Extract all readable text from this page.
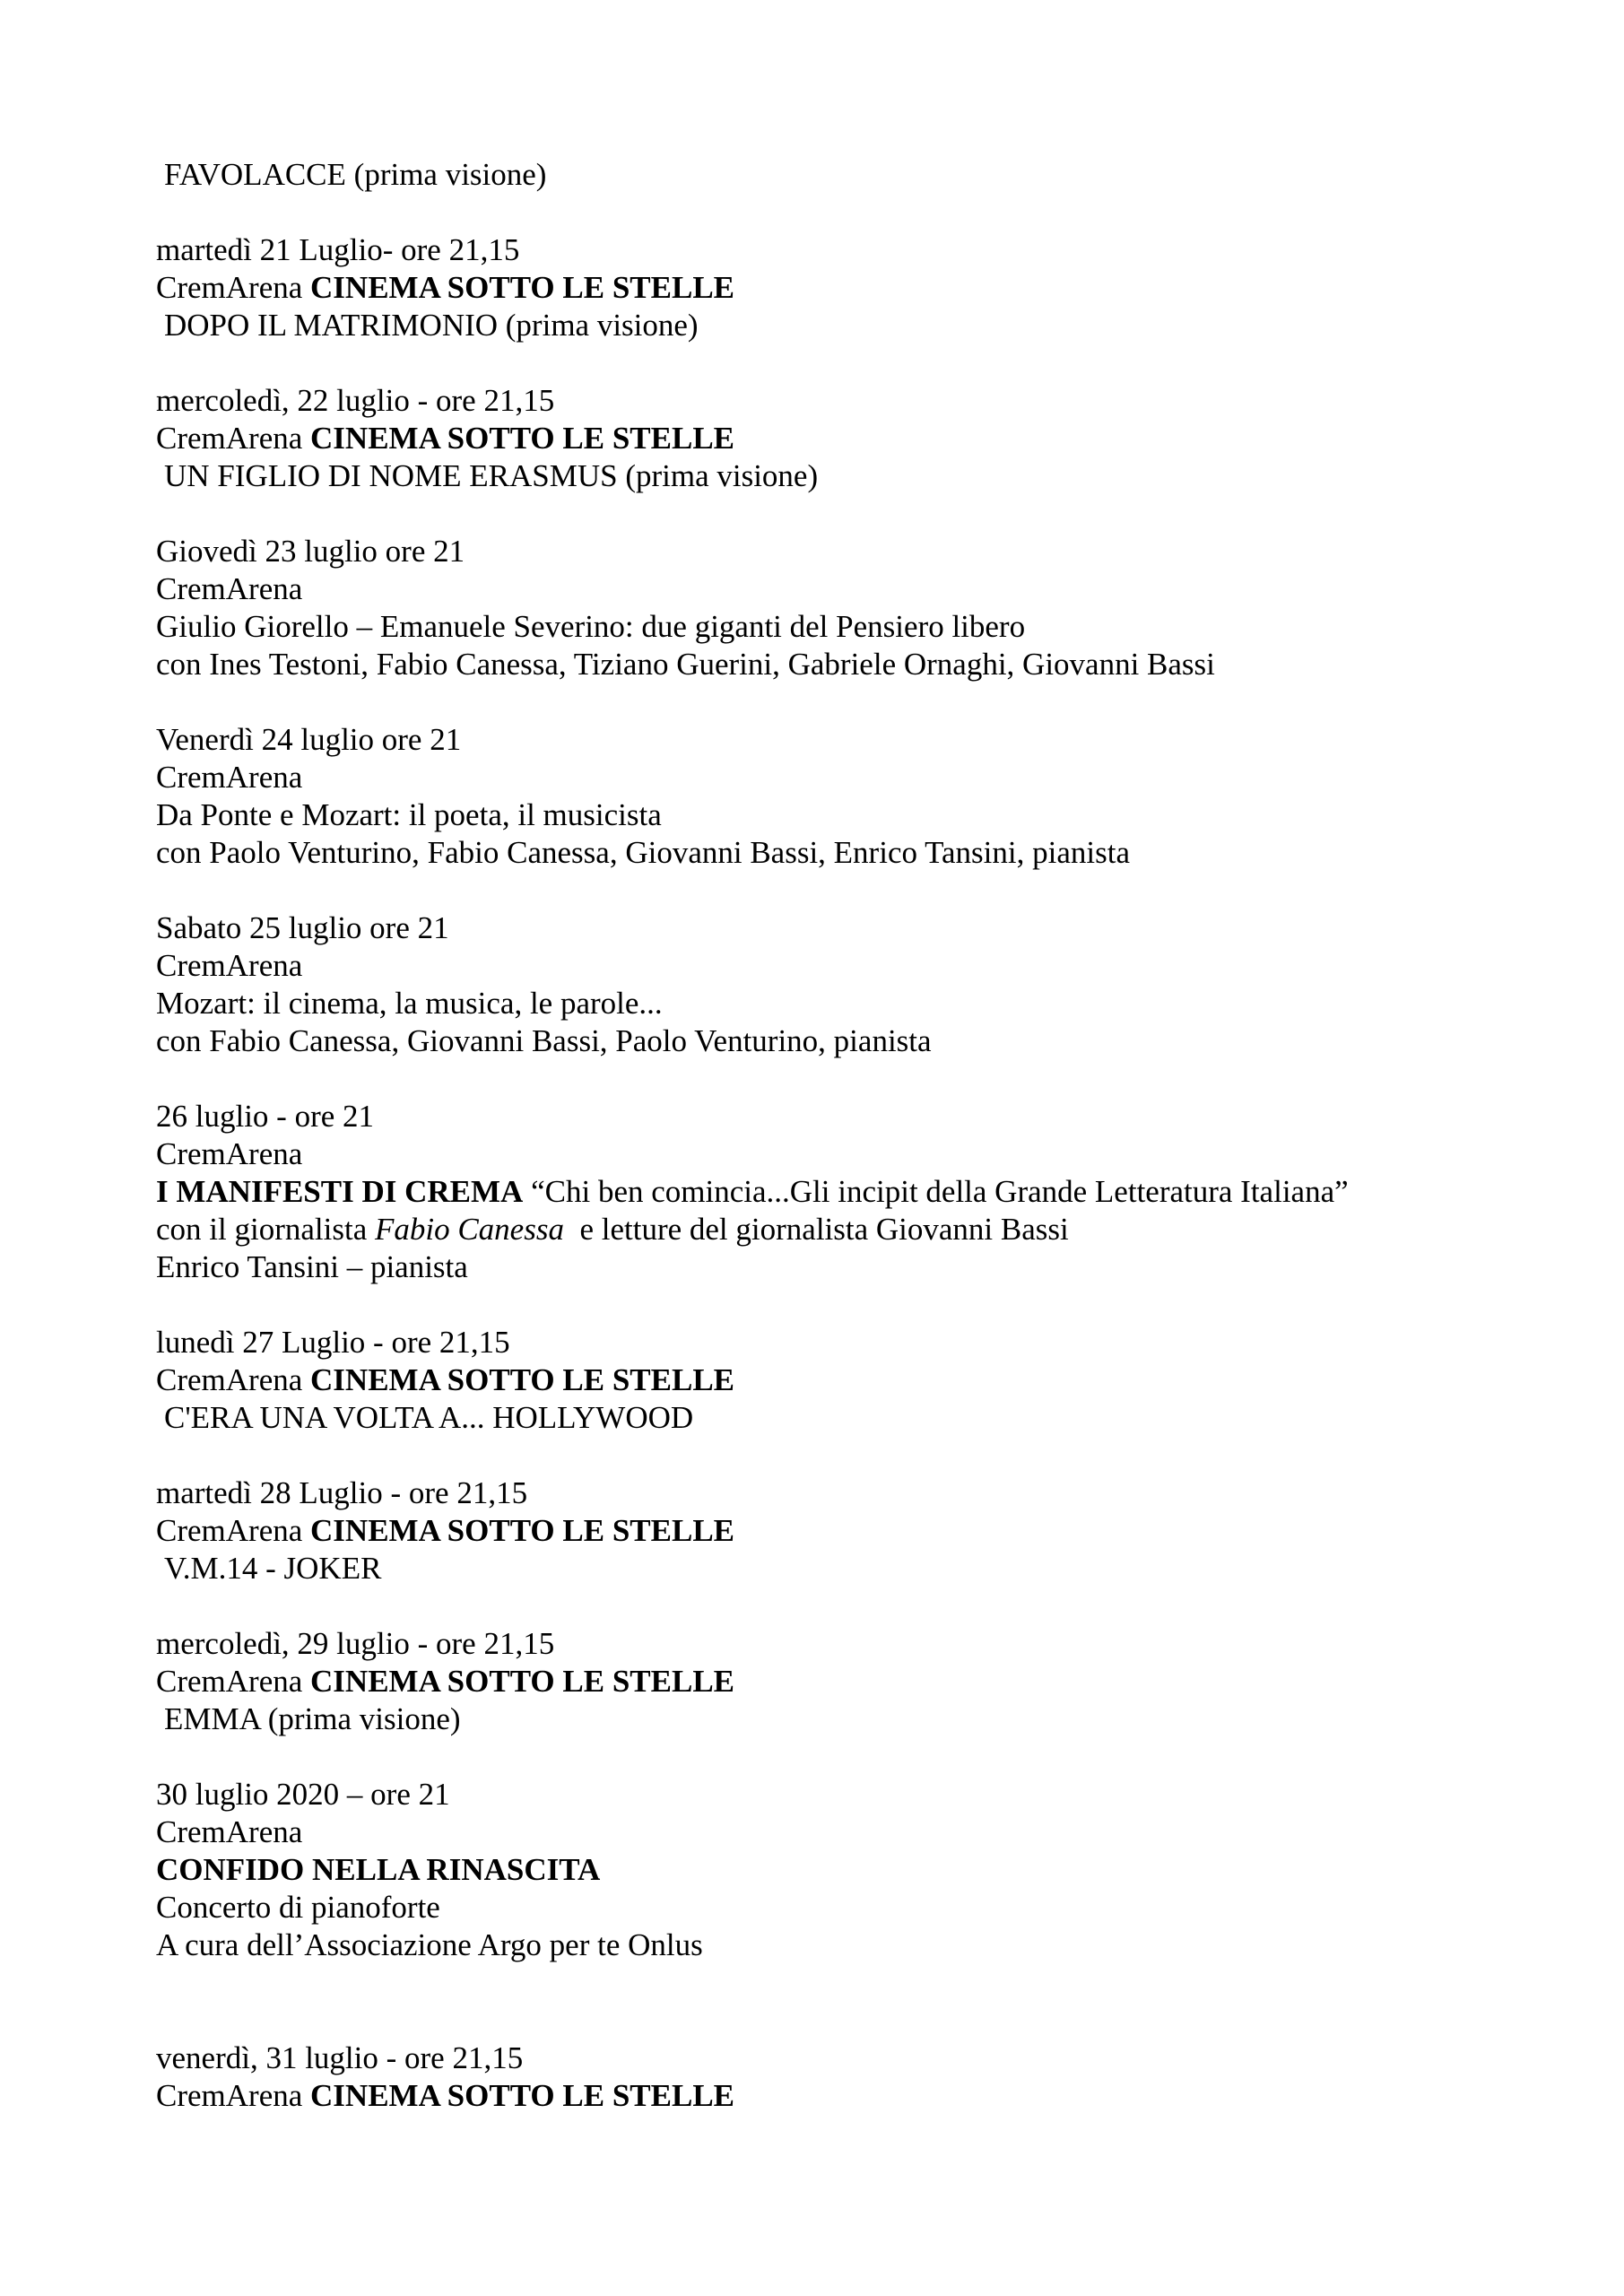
FAVOLACCE (prima visione)
martedì 21 Luglio- ore 21,15
CremArena CINEMA SOTTO LE STELLE
DOPO IL MATRIMONIO (prima visione)
mercoledì, 22 luglio - ore 21,15
CremArena CINEMA SOTTO LE STELLE
UN FIGLIO DI NOME ERASMUS (prima visione)
Giovedì 23 luglio ore 21
CremArena
Giulio Giorello – Emanuele Severino: due giganti del Pensiero libero
con Ines Testoni, Fabio Canessa, Tiziano Guerini, Gabriele Ornaghi, Giovanni Bassi
Venerdì 24 luglio ore 21
CremArena
Da Ponte e Mozart: il poeta, il musicista
con Paolo Venturino, Fabio Canessa, Giovanni Bassi, Enrico Tansini, pianista
Sabato 25 luglio ore 21
CremArena
Mozart: il cinema, la musica, le parole...
con Fabio Canessa, Giovanni Bassi, Paolo Venturino, pianista
26 luglio - ore 21
CremArena
I MANIFESTI DI CREMA “Chi ben comincia...Gli incipit della Grande Letteratura Italiana”
con il giornalista Fabio Canessa  e letture del giornalista Giovanni Bassi
Enrico Tansini – pianista
lunedì 27 Luglio - ore 21,15
CremArena CINEMA SOTTO LE STELLE
C'ERA UNA VOLTA A... HOLLYWOOD
martedì 28 Luglio - ore 21,15
CremArena CINEMA SOTTO LE STELLE
V.M.14 - JOKER
mercoledì, 29 luglio - ore 21,15
CremArena CINEMA SOTTO LE STELLE
EMMA (prima visione)
30 luglio 2020 – ore 21
CremArena
CONFIDO NELLA RINASCITA
Concerto di pianoforte
A cura dell’Associazione Argo per te Onlus
venerdì, 31 luglio - ore 21,15
CremArena CINEMA SOTTO LE STELLE
